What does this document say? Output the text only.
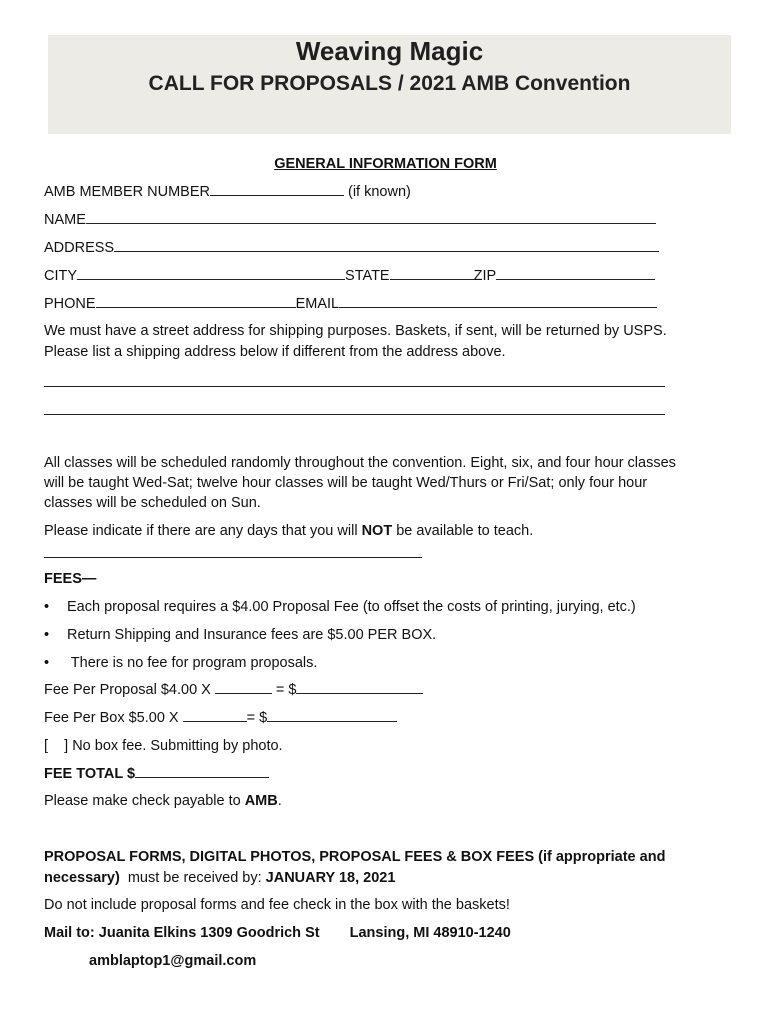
Weaving Magic
CALL FOR PROPOSALS / 2021 AMB Convention
GENERAL INFORMATION FORM
AMB MEMBER NUMBER	(if known)
NAME
ADDRESS
CITY	STATE	ZIP
PHONE	EMAIL
We must have a street address for shipping purposes. Baskets, if sent, will be returned by USPS.
Please list a shipping address below if different from the address above.
All classes will be scheduled randomly throughout the convention. Eight, six, and four hour classes
will be taught Wed-Sat; twelve hour classes will be taught Wed/Thurs or Fri/Sat; only four hour
classes will be scheduled on Sun.
Please indicate if there are any days that you will NOT be available to teach.
FEES—
• Each proposal requires a $4.00 Proposal Fee (to offset the costs of printing, jurying, etc.)
• Return Shipping and Insurance fees are $5.00 PER BOX.
• There is no fee for program proposals.
Fee Per Proposal $4.00 X	= $
Fee Per Box $5.00 X	= $
[    ] No box fee. Submitting by photo.
FEE TOTAL $
Please make check payable to AMB.
PROPOSAL FORMS, DIGITAL PHOTOS, PROPOSAL FEES & BOX FEES (if appropriate and
necessary)  must be received by: JANUARY 18, 2021
Do not include proposal forms and fee check in the box with the baskets!
Mail to: Juanita Elkins 1309 Goodrich St Lansing, MI 48910-1240
amblaptop1@gmail.com
